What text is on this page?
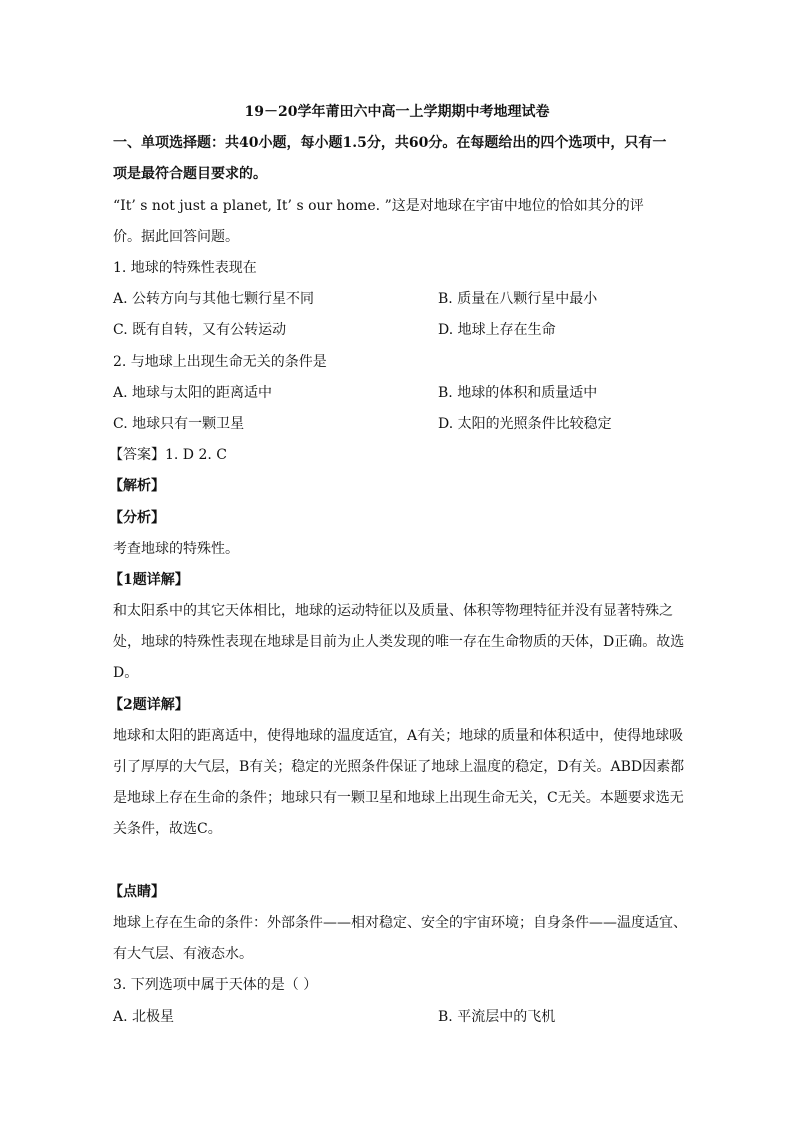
19－20学年莆田六中高一上学期期中考地理试卷
一、单项选择题：共40小题，每小题1.5分，共60分。在每题给出的四个选项中，只有一
项是最符合题目要求的。
“It’ s not just a planet, It’ s our home. ”这是对地球在宇宙中地位的恰如其分的评
价。据此回答问题。
1. 地球的特殊性表现在
A. 公转方向与其他七颗行星不同	B. 质量在八颗行星中最小
C. 既有自转，又有公转运动	D. 地球上存在生命
2. 与地球上出现生命无关的条件是
A. 地球与太阳的距离适中	B. 地球的体积和质量适中
C. 地球只有一颗卫星	D. 太阳的光照条件比较稳定
【答案】1. D 2. C
【解析】
【分析】
考查地球的特殊性。
【1题详解】
和太阳系中的其它天体相比，地球的运动特征以及质量、体积等物理特征并没有显著特殊之
处，地球的特殊性表现在地球是目前为止人类发现的唯一存在生命物质的天体，D正确。故选
D。
【2题详解】
地球和太阳的距离适中，使得地球的温度适宜，A有关；地球的质量和体积适中，使得地球吸
引了厚厚的大气层，B有关；稳定的光照条件保证了地球上温度的稳定，D有关。ABD因素都
是地球上存在生命的条件；地球只有一颗卫星和地球上出现生命无关，C无关。本题要求选无
关条件，故选C。
【点睛】
地球上存在生命的条件：外部条件——相对稳定、安全的宇宙环境；自身条件——温度适宜、
有大气层、有液态水。
3. 下列选项中属于天体的是（ ）
A. 北极星	B. 平流层中的飞机
